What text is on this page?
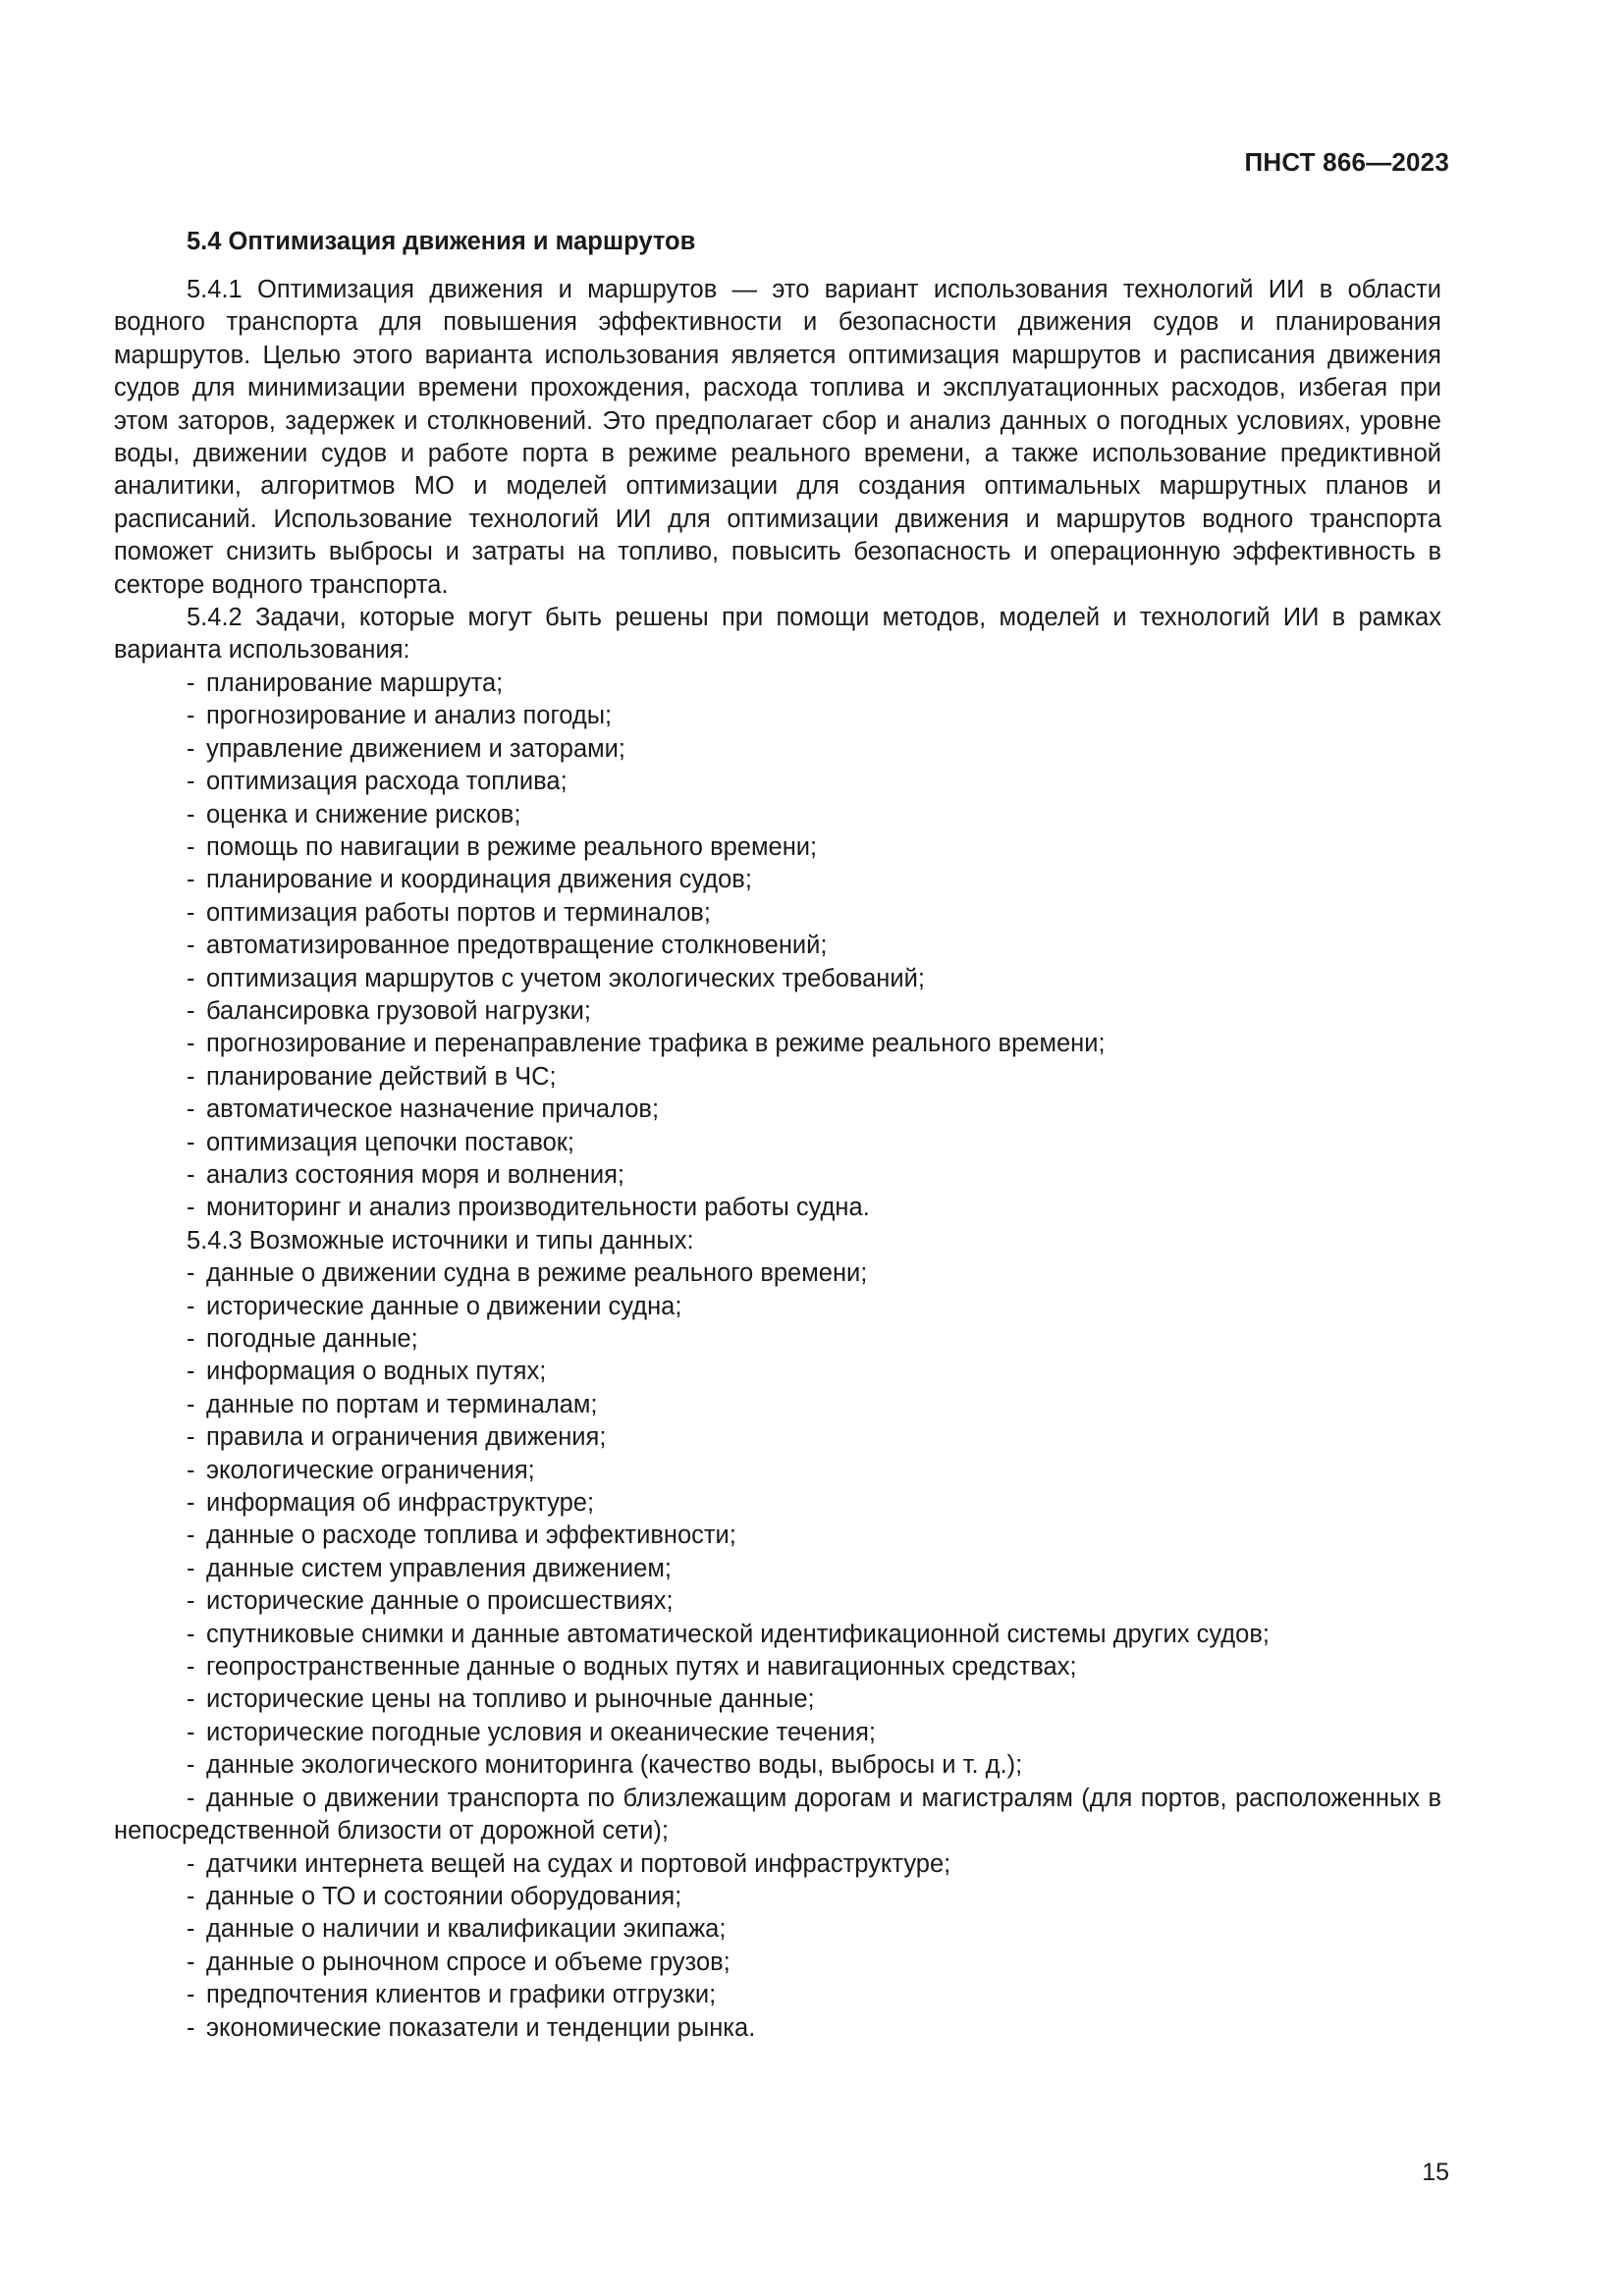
ПНСТ 866—2023
5.4 Оптимизация движения и маршрутов

5.4.1 Оптимизация движения и маршрутов — это вариант использования технологий ИИ в области водного транспорта для повышения эффективности и безопасности движения судов и планирования маршрутов. Целью этого варианта использования является оптимизация маршрутов и расписания движения судов для минимизации времени прохождения, расхода топлива и эксплуатационных расходов, избегая при этом заторов, задержек и столкновений. Это предполагает сбор и анализ данных о погодных условиях, уровне воды, движении судов и работе порта в режиме реального времени, а также использование предиктивной аналитики, алгоритмов МО и моделей оптимизации для создания оптимальных маршрутных планов и расписаний. Использование технологий ИИ для оптимизации движения и маршрутов водного транспорта поможет снизить выбросы и затраты на топливо, повысить безопасность и операционную эффективность в секторе водного транспорта.

5.4.2 Задачи, которые могут быть решены при помощи методов, моделей и технологий ИИ в рамках варианта использования:

- планирование маршрута;
- прогнозирование и анализ погоды;
- управление движением и заторами;
- оптимизация расхода топлива;
- оценка и снижение рисков;
- помощь по навигации в режиме реального времени;
- планирование и координация движения судов;
- оптимизация работы портов и терминалов;
- автоматизированное предотвращение столкновений;
- оптимизация маршрутов с учетом экологических требований;
- балансировка грузовой нагрузки;
- прогнозирование и перенаправление трафика в режиме реального времени;
- планирование действий в ЧС;
- автоматическое назначение причалов;
- оптимизация цепочки поставок;
- анализ состояния моря и волнения;
- мониторинг и анализ производительности работы судна.

5.4.3 Возможные источники и типы данных:

- данные о движении судна в режиме реального времени;
- исторические данные о движении судна;
- погодные данные;
- информация о водных путях;
- данные по портам и терминалам;
- правила и ограничения движения;
- экологические ограничения;
- информация об инфраструктуре;
- данные о расходе топлива и эффективности;
- данные систем управления движением;
- исторические данные о происшествиях;
- спутниковые снимки и данные автоматической идентификационной системы других судов;
- геопространственные данные о водных путях и навигационных средствах;
- исторические цены на топливо и рыночные данные;
- исторические погодные условия и океанические течения;
- данные экологического мониторинга (качество воды, выбросы и т. д.);
- данные о движении транспорта по близлежащим дорогам и магистралям (для портов, расположенных в непосредственной близости от дорожной сети);
- датчики интернета вещей на судах и портовой инфраструктуре;
- данные о ТО и состоянии оборудования;
- данные о наличии и квалификации экипажа;
- данные о рыночном спросе и объеме грузов;
- предпочтения клиентов и графики отгрузки;
- экономические показатели и тенденции рынка.
15
